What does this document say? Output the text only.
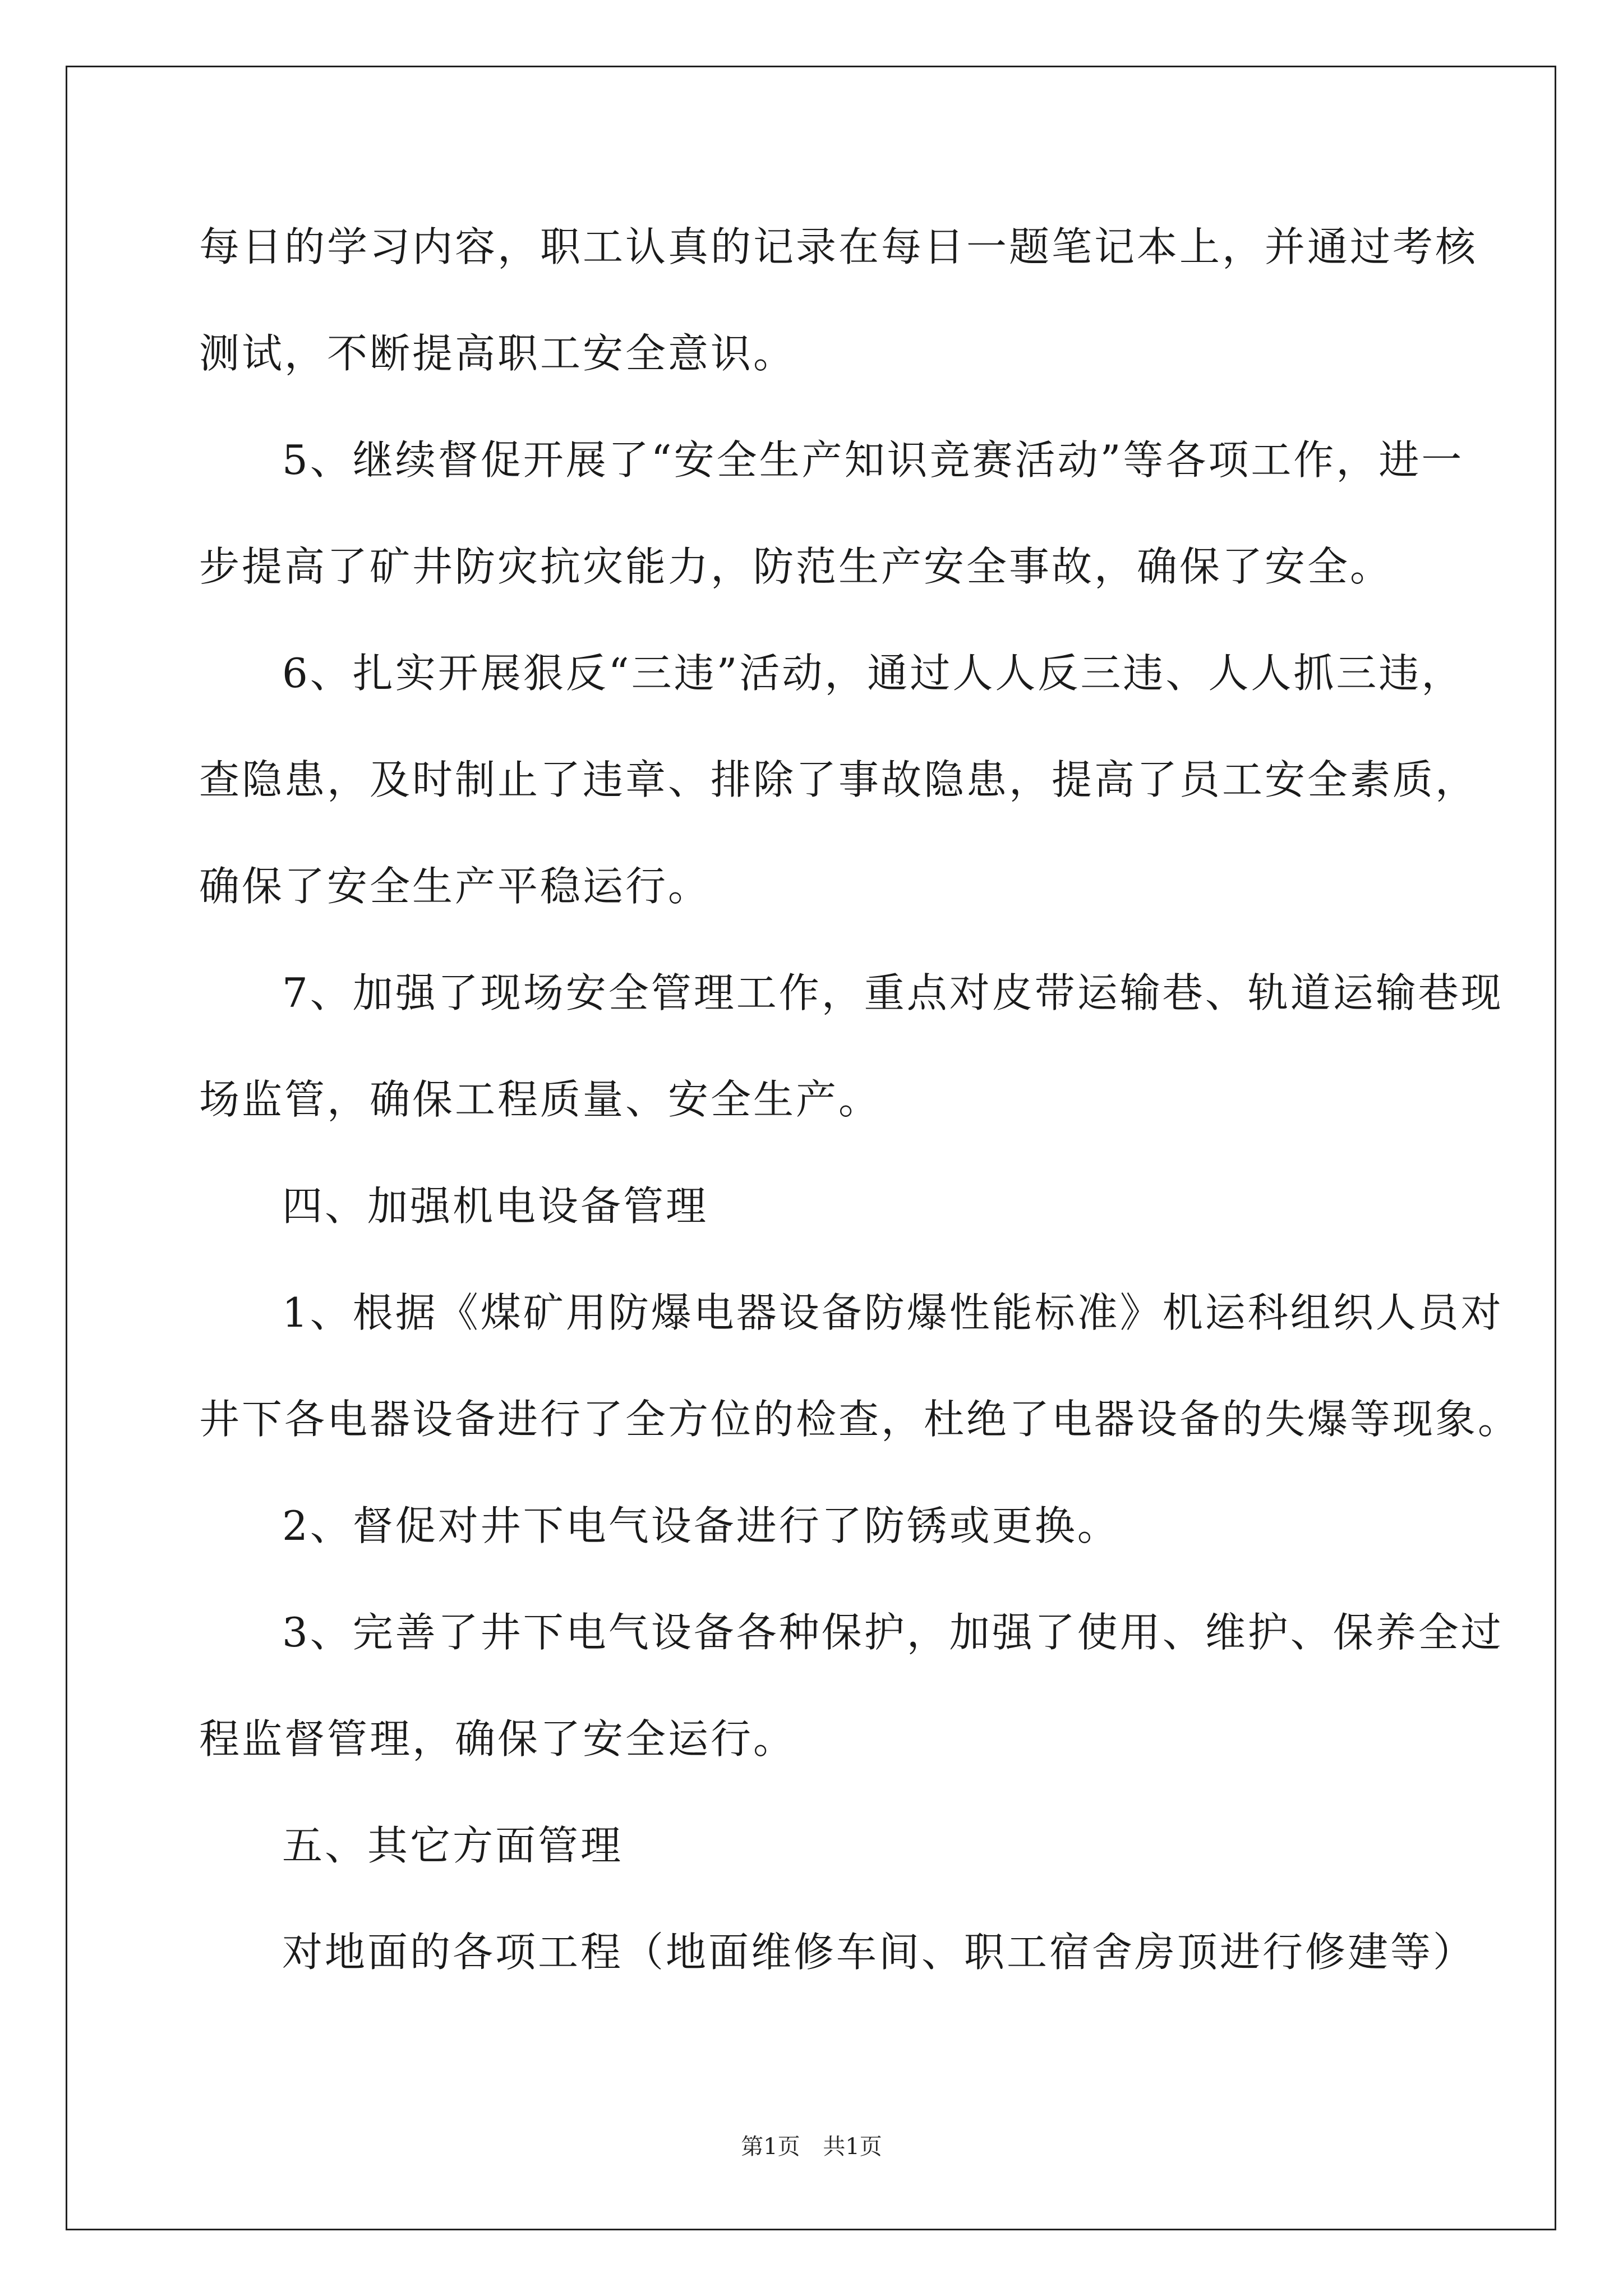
每日的学习内容，职工认真的记录在每日一题笔记本上，并通过考核
测试，不断提高职工安全意识。
5、继续督促开展了“安全生产知识竞赛活动”等各项工作，进一
步提高了矿井防灾抗灾能力，防范生产安全事故，确保了安全。
6、扎实开展狠反“三违”活动，通过人人反三违、人人抓三违，
查隐患，及时制止了违章、排除了事故隐患，提高了员工安全素质，
确保了安全生产平稳运行。
7、加强了现场安全管理工作，重点对皮带运输巷、轨道运输巷现
场监管，确保工程质量、安全生产。
四、加强机电设备管理
1、根据《煤矿用防爆电器设备防爆性能标准》机运科组织人员对
井下各电器设备进行了全方位的检查，杜绝了电器设备的失爆等现象。
2、督促对井下电气设备进行了防锈或更换。
3、完善了井下电气设备各种保护，加强了使用、维护、保养全过
程监督管理，确保了安全运行。
五、其它方面管理
对地面的各项工程（地面维修车间、职工宿舍房顶进行修建等）
第1页 共1页
